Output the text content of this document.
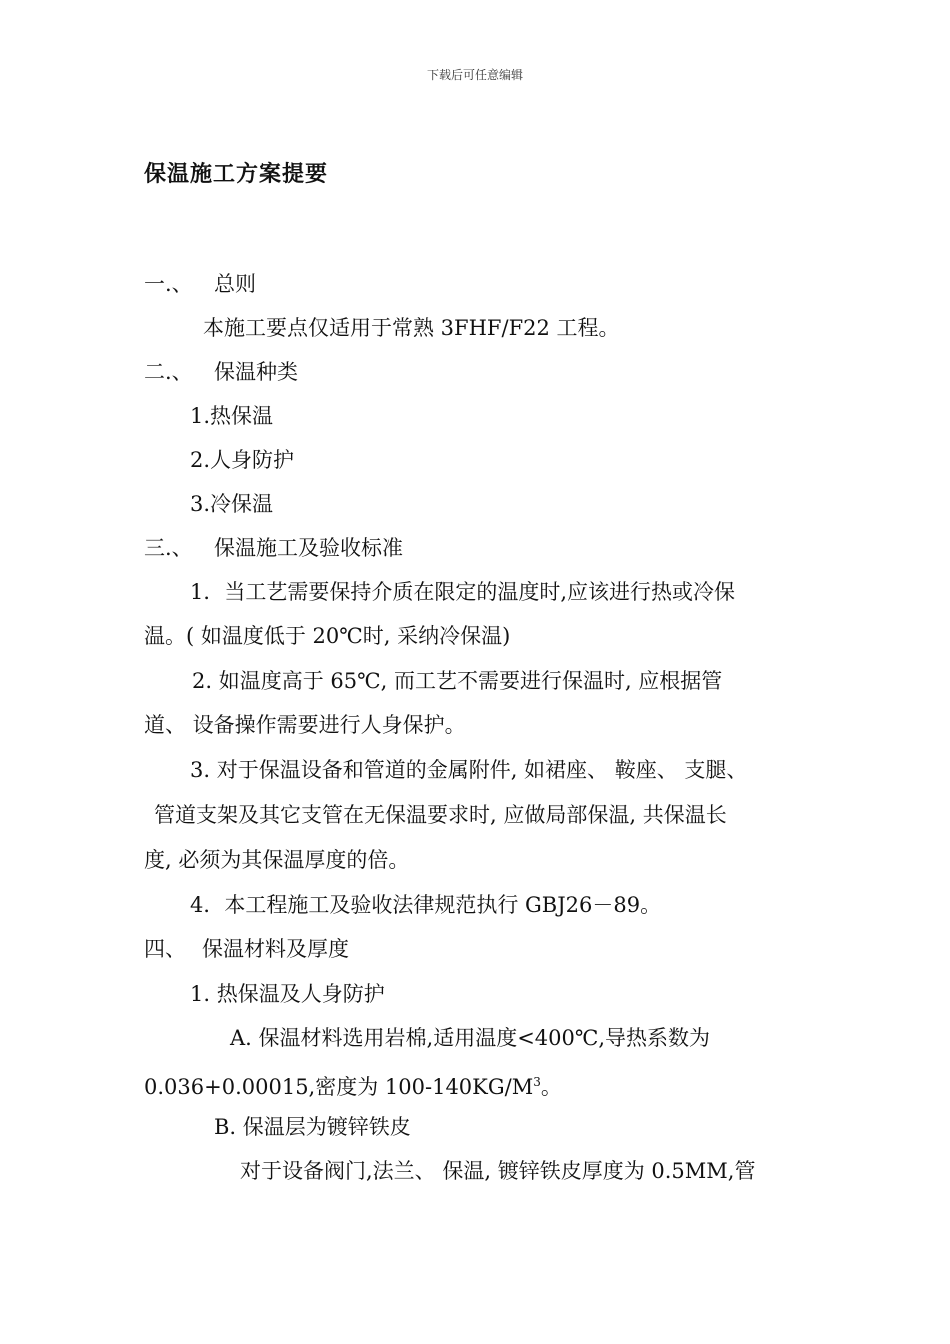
下载后可任意编辑
保温施工方案提要
一.、 总则
本施工要点仅适用于常熟 3FHF/F22 工程。
二.、 保温种类
1.热保温
2.人身防护
3.冷保温
三.、 保温施工及验收标准
1．当工艺需要保持介质在限定的温度时,应该进行热或冷保
温。( 如温度低于 20℃时, 采纳冷保温)
2. 如温度高于 65℃, 而工艺不需要进行保温时, 应根据管
道、 设备操作需要进行人身保护。
3. 对于保温设备和管道的金属附件, 如裙座、 鞍座、 支腿、
管道支架及其它支管在无保温要求时, 应做局部保温, 共保温长
度, 必须为其保温厚度的倍。
4．本工程施工及验收法律规范执行 GBJ26－89。
四、 保温材料及厚度
1. 热保温及人身防护
A. 保温材料选用岩棉,适用温度<400℃,导热系数为
0.036+0.00015,密度为 $100-140KG/M^3$。
B. 保温层为镀锌铁皮
对于设备阀门,法兰、 保温, 镀锌铁皮厚度为 0.5MM,管
